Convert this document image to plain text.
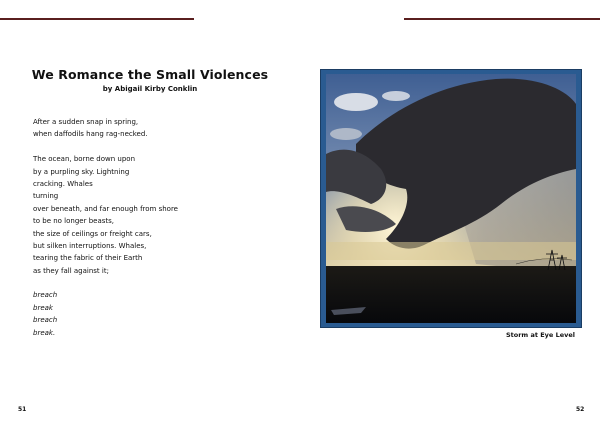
We Romance the Small Violences
by Abigail Kirby Conklin
After a sudden snap in spring,
when daffodils hang rag-necked.
The ocean, borne down upon
by a purpling sky. Lightning
cracking. Whales
turning
over beneath, and far enough from shore
to be no longer beasts,
the size of ceilings or freight cars,
but silken interruptions. Whales,
tearing the fabric of their Earth
as they fall against it;
breach
break
breach
break.	Storm at Eye Level
51	52
